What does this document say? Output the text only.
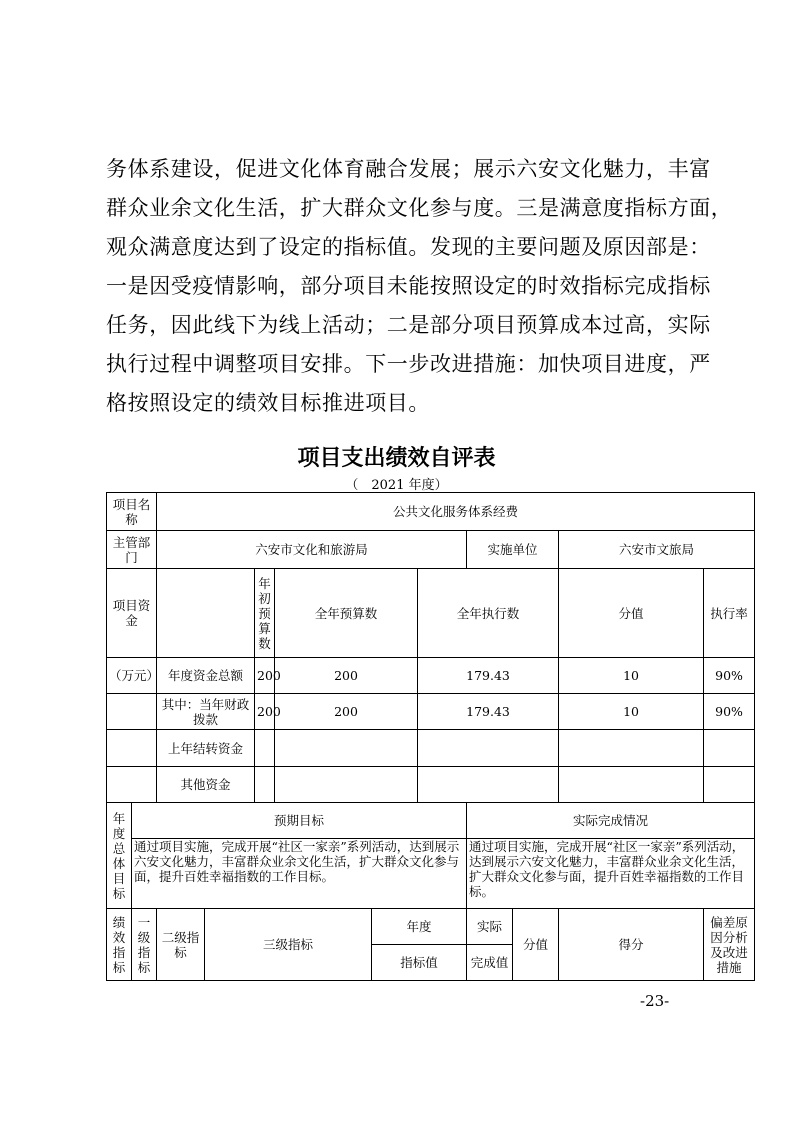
务体系建设，促进文化体育融合发展；展示六安文化魅力，丰富
群众业余文化生活，扩大群众文化参与度。三是满意度指标方面，
观众满意度达到了设定的指标值。发现的主要问题及原因部是：
一是因受疫情影响，部分项目未能按照设定的时效指标完成指标
任务，因此线下为线上活动；二是部分项目预算成本过高，实际
执行过程中调整项目安排。下一步改进措施：加快项目进度，严
格按照设定的绩效目标推进项目。

项目支出绩效自评表

（　2021 年度）

项目名称		公共文化服务体系经费										
主管部门		六安市文化和旅游局						实施单位		六安市文旅局		
项目资金				年初预算数	全年预算数		全年执行数			分值	执行率	
（万元）		年度资金总额		200	200		179.43			10	90%	
		其中：当年财政拨款		200	200		179.43			10	90%	
		上年结转资金										
		其他资金										
年度总体目标	预期目标							实际完成情况				
	通过项目实施，完成开展“社区一家亲”系列活动，达到展示六安文化魅力，丰富群众业余文化生活，扩大群众文化参与面，提升百姓幸福指数的工作目标。							通过项目实施，完成开展“社区一家亲”系列活动，达到展示六安文化魅力，丰富群众业余文化生活，扩大群众文化参与面，提升百姓幸福指数的工作目标。				
绩效指标	一级指标	二级指标	三级指标			年度		实际	分值	得分	偏差原因分析及改进措施	
						指标值		完成值				

-23-
